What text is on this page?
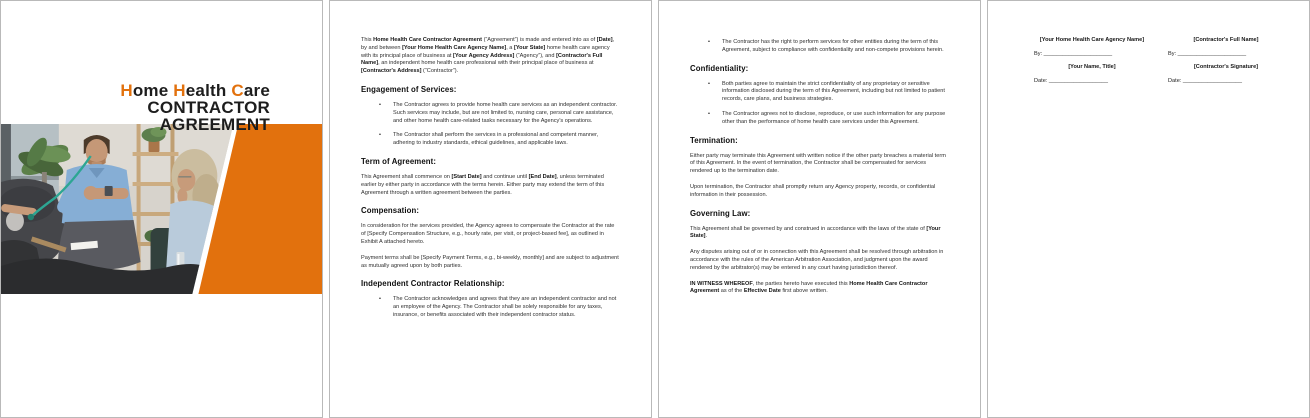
Home Health Care
CONTRACTOR
AGREEMENT
This Home Health Care Contractor Agreement (“Agreement”) is made and entered into as of [Date], by and between [Your Home Health Care Agency Name], a [Your State] home health care agency with its principal place of business at [Your Agency Address] (“Agency”), and [Contractor's Full Name], an independent home health care professional with their principal place of business at [Contractor's Address] (“Contractor”).
Engagement of Services:
•	The Contractor agrees to provide home health care services as an independent contractor. Such services may include, but are not limited to, nursing care, personal care assistance, and other home health care-related tasks necessary for the Agency's operations.
•	The Contractor shall perform the services in a professional and competent manner, adhering to industry standards, ethical guidelines, and applicable laws.
Term of Agreement:
This Agreement shall commence on [Start Date] and continue until [End Date], unless terminated earlier by either party in accordance with the terms herein. Either party may extend the term of this Agreement through a written agreement between the parties.
Compensation:
In consideration for the services provided, the Agency agrees to compensate the Contractor at the rate of [Specify Compensation Structure, e.g., hourly rate, per visit, or project-based fee], as outlined in Exhibit A attached hereto.
Payment terms shall be [Specify Payment Terms, e.g., bi-weekly, monthly] and are subject to adjustment as mutually agreed upon by both parties.
Independent Contractor Relationship:
•	The Contractor acknowledges and agrees that they are an independent contractor and not an employee of the Agency. The Contractor shall be solely responsible for any taxes, insurance, or benefits associated with their independent contractor status.
•	The Contractor has the right to perform services for other entities during the term of this Agreement, subject to compliance with confidentiality and non-compete provisions herein.
Confidentiality:
•	Both parties agree to maintain the strict confidentiality of any proprietary or sensitive information disclosed during the term of this Agreement, including but not limited to patient records, care plans, and business strategies.
•	The Contractor agrees not to disclose, reproduce, or use such information for any purpose other than the performance of home health care services under this Agreement.
Termination:
Either party may terminate this Agreement with written notice if the other party breaches a material term of this Agreement. In the event of termination, the Contractor shall be compensated for services rendered up to the termination date.
Upon termination, the Contractor shall promptly return any Agency property, records, or confidential information in their possession.
Governing Law:
This Agreement shall be governed by and construed in accordance with the laws of the state of [Your State].
Any disputes arising out of or in connection with this Agreement shall be resolved through arbitration in accordance with the rules of the American Arbitration Association, and judgment upon the award rendered by the arbitrator(s) may be entered in any court having jurisdiction thereof.
IN WITNESS WHEREOF, the parties hereto have executed this Home Health Care Contractor Agreement as of the Effective Date first above written.
[Your Home Health Care Agency Name]
By: ______________________
[Your Name, Title]
Date: ___________________
[Contractor's Full Name]
By: ______________________
[Contractor's Signature]
Date: ___________________
